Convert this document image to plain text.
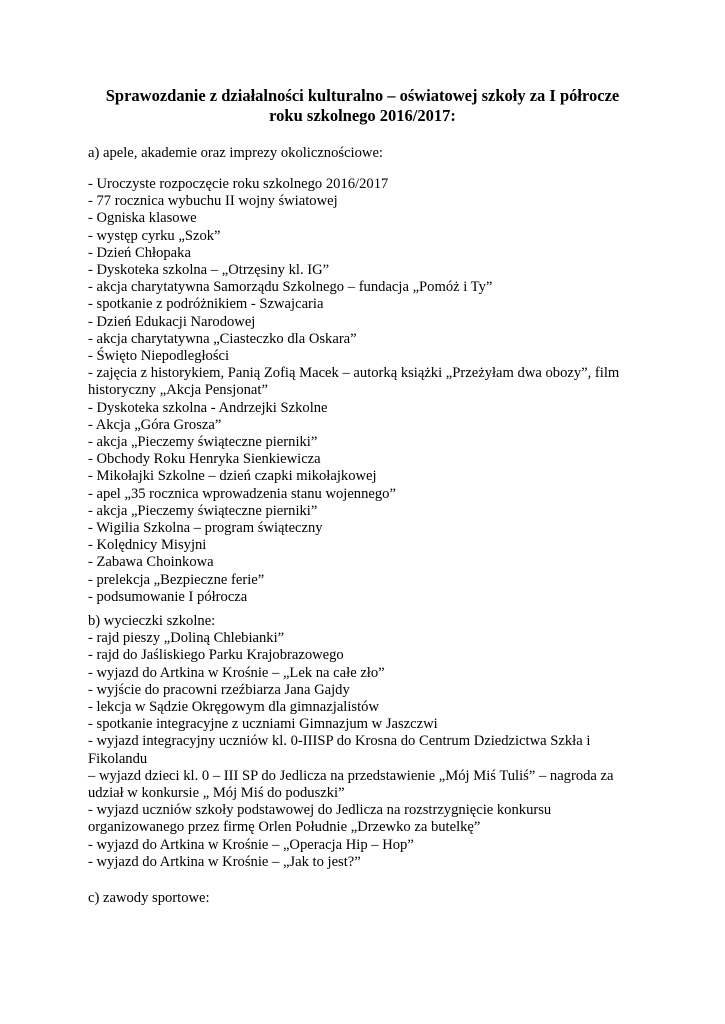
Sprawozdanie z działalności kulturalno – oświatowej szkoły za I półrocze
roku szkolnego 2016/2017:
a) apele, akademie oraz imprezy okolicznościowe:
- Uroczyste rozpoczęcie roku szkolnego 2016/2017
- 77 rocznica wybuchu II wojny światowej
- Ogniska klasowe
- występ cyrku „Szok”
- Dzień Chłopaka
- Dyskoteka szkolna – „Otrzęsiny kl. IG”
- akcja charytatywna Samorządu Szkolnego – fundacja „Pomóż i Ty”
- spotkanie z podróżnikiem - Szwajcaria
- Dzień Edukacji Narodowej
- akcja charytatywna „Ciasteczko dla Oskara”
- Święto Niepodległości
- zajęcia z historykiem, Panią Zofią Macek – autorką książki „Przeżyłam dwa obozy”, film
historyczny „Akcja Pensjonat”
- Dyskoteka szkolna - Andrzejki Szkolne
- Akcja „Góra Grosza”
- akcja „Pieczemy świąteczne pierniki”
- Obchody Roku Henryka Sienkiewicza
- Mikołajki Szkolne – dzień czapki mikołajkowej
- apel „35 rocznica wprowadzenia stanu wojennego”
- akcja „Pieczemy świąteczne pierniki”
- Wigilia Szkolna – program świąteczny
- Kolędnicy Misyjni
- Zabawa Choinkowa
- prelekcja „Bezpieczne ferie”
- podsumowanie I półrocza
b) wycieczki szkolne:
- rajd pieszy „Doliną Chlebianki”
- rajd do Jaśliskiego Parku Krajobrazowego
- wyjazd do Artkina w Krośnie – „Lek na całe zło”
- wyjście do pracowni rzeźbiarza Jana Gajdy
- lekcja w Sądzie Okręgowym dla gimnazjalistów
- spotkanie integracyjne z uczniami Gimnazjum w Jaszczwi
- wyjazd integracyjny uczniów kl. 0-IIISP do Krosna do Centrum Dziedzictwa Szkła i
Fikolandu
– wyjazd dzieci kl. 0 – III SP do Jedlicza na przedstawienie „Mój Miś Tuliś” – nagroda za
udział w konkursie „ Mój Miś do poduszki”
- wyjazd uczniów szkoły podstawowej do Jedlicza na rozstrzygnięcie konkursu
organizowanego przez firmę Orlen Południe „Drzewko za butelkę”
- wyjazd do Artkina w Krośnie – „Operacja Hip – Hop”
- wyjazd do Artkina w Krośnie – „Jak to jest?”
c) zawody sportowe:
